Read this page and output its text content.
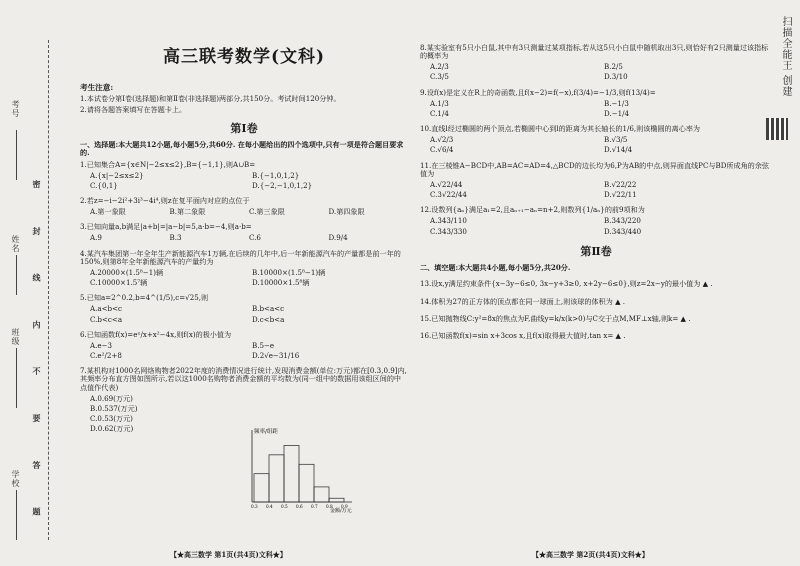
考号
姓名
班级
学校 密 封 线 内 不 要 答 题
高三联考数学(文科)
考生注意:
1.本试卷分第Ⅰ卷(选择题)和第Ⅱ卷(非选择题)两部分,共150分。考试时间120分钟。
2.请将各题答案填写在答题卡上。
第Ⅰ卷
一、选择题:本大题共12小题,每小题5分,共60分. 在每小题给出的四个选项中,只有一项是符合题目要求的.
1.已知集合A={x∈N|−2≤x≤2},B={−1,1},则A∪B=
A.{x|−2≤x≤2}	B.{−1,0,1,2}
C.{0,1}	D.{−2,−1,0,1,2}
2.若z=−i−2i²+3i³−4i⁴,则z在复平面内对应的点位于
A.第一象限	B.第二象限	C.第三象限	D.第四象限
3.已知向量a,b满足|a+b|=|a−b|=5,a·b=−4,则a·b=
A.9	B.3	C.6	D.9/4
4.某汽车集团第一年全年生产新能源汽车1万辆,在后续的几年中,后一年新能源汽车的产量都是前一年的150%,则第8年全年新能源汽车的产量约为
A.20000×(1.5⁸−1)辆	B.10000×(1.5⁸−1)辆
C.10000×1.5⁷辆	D.10000×1.5⁸辆
5.已知a=2^0.2,b=4^(1/5),c=√25,则
A.a<b<c	B.b<a<c
C.b<c<a	D.c<b<a
6.已知函数f(x)=eˣ/x+x²−4x,则f(x)的极小值为
A.e−3	B.5−e
C.e²/2+8	D.2√e−31/16
7.某机构对1000名网络购物者2022年度的消费情况进行统计,发现消费金额(单位:万元)都在[0.3,0.9]内,其频率分布直方图如图所示,若以这1000名购物者消费金额的平均数为(同一组中的数据用该组区间的中点值作代表)
A.0.69(万元)
B.0.537(万元)
C.0.53(万元)
D.0.62(万元)	频率/组距
金额/万元
0.3 0.4 0.5 0.6 0.7 0.8 0.9
【★高三数学 第1页(共4页)文科★】
8.某实验室有5只小白鼠,其中有3只测量过某项指标,若从这5只小白鼠中随机取出3只,则恰好有2只测量过该指标的概率为
A.2/3	B.2/5
C.3/5	D.3/10
9.设f(x)是定义在R上的奇函数,且f(x−2)=f(−x),f(3/4)=−1/3,则f(13/4)=
A.1/3	B.−1/3
C.1/4	D.−1/4
10.直线l经过椭圆的两个顶点,若椭圆中心到l的距离为其长轴长的1/6,则该椭圆的离心率为
A.√2/3	B.√3/5
C.√6/4	D.√14/4
11.在三棱锥A−BCD中,AB=AC=AD=4,△BCD的边长均为6,P为AB的中点,则异面直线PC与BD所成角的余弦值为
A.√22/44	B.√22/22
C.3√22/44	D.√22/11
12.设数列{aₙ}满足a₁=2,且aₙ₊₁−aₙ=n+2,则数列{1/aₙ}的前9项和为
A.343/110	B.343/220
C.343/330	D.343/440
第Ⅱ卷
二、填空题:本大题共4小题,每小题5分,共20分.
13.设x,y满足约束条件{x−3y−6≤0, 3x−y+3≥0, x+2y−6≤0},则z=2x−y的最小值为 ▲ .
14.体积为27的正方体的顶点都在同一球面上,则该球的体积为 ▲ .
15.已知抛物线C:y²=8x的焦点为F,曲线y=k/x(k>0)与C交于点M,MF⊥x轴,则k= ▲ .
16.已知函数f(x)=sin x+3cos x,且f(x)取得最大值时,tan x= ▲ .
【★高三数学 第2页(共4页)文科★】
扫描全能王 创建
